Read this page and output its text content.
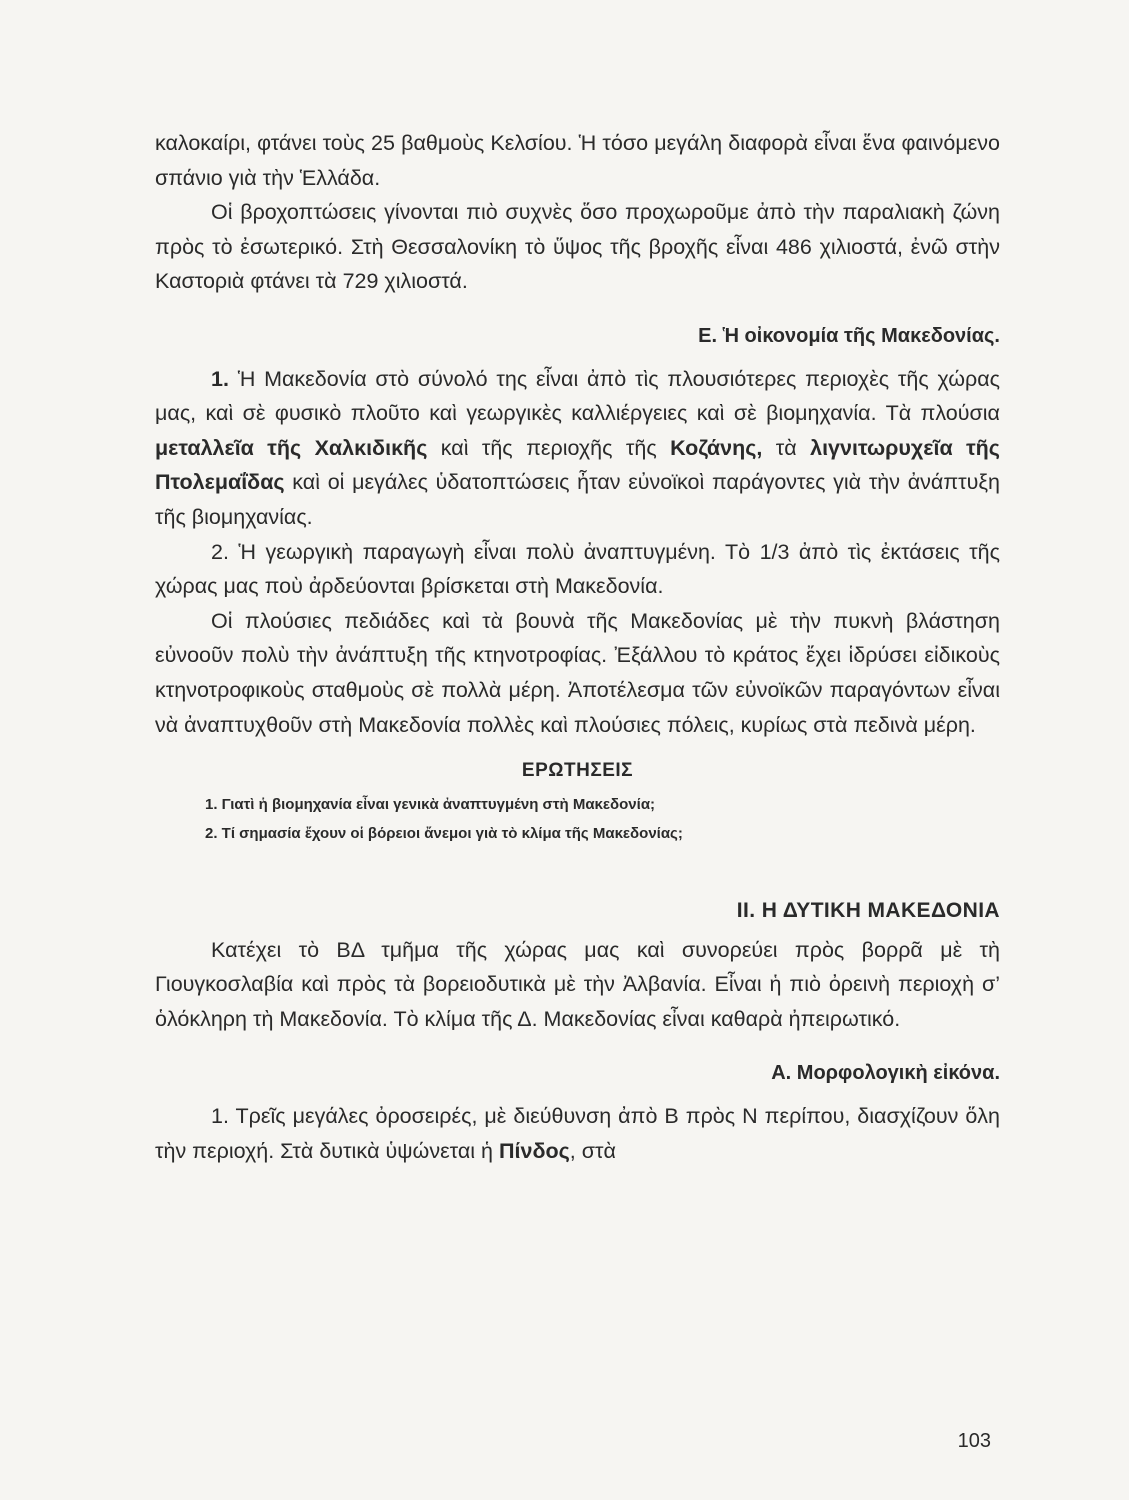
καλοκαίρι, φτάνει τοὺς 25 βαθμοὺς Κελσίου. Ἡ τόσο μεγάλη διαφορὰ εἶναι ἕνα φαινόμενο σπάνιο γιὰ τὴν Ἑλλάδα.

Οἱ βροχοπτώσεις γίνονται πιὸ συχνὲς ὅσο προχωροῦμε ἀπὸ τὴν παραλιακὴ ζώνη πρὸς τὸ ἐσωτερικό. Στὴ Θεσσαλονίκη τὸ ὕψος τῆς βροχῆς εἶναι 486 χιλιοστά, ἐνῶ στὴν Καστοριὰ φτάνει τὰ 729 χιλιοστά.

Ε. Ἡ οἰκονομία τῆς Μακεδονίας.

1. Ἡ Μακεδονία στὸ σύνολό της εἶναι ἀπὸ τὶς πλουσιότερες περιοχὲς τῆς χώρας μας, καὶ σὲ φυσικὸ πλοῦτο καὶ γεωργικὲς καλλιέργειες καὶ σὲ βιομηχανία. Τὰ πλούσια μεταλλεῖα τῆς Χαλκιδικῆς καὶ τῆς περιοχῆς τῆς Κοζάνης, τὰ λιγνιτωρυχεῖα τῆς Πτολεμαΐδας καὶ οἱ μεγάλες ὑδατοπτώσεις ἦταν εὐνοϊκοὶ παράγοντες γιὰ τὴν ἀνάπτυξη τῆς βιομηχανίας.

2. Ἡ γεωργικὴ παραγωγὴ εἶναι πολὺ ἀναπτυγμένη. Τὸ 1/3 ἀπὸ τὶς ἐκτάσεις τῆς χώρας μας ποὺ ἀρδεύονται βρίσκεται στὴ Μακεδονία.

Οἱ πλούσιες πεδιάδες καὶ τὰ βουνὰ τῆς Μακεδονίας μὲ τὴν πυκνὴ βλάστηση εὐνοοῦν πολὺ τὴν ἀνάπτυξη τῆς κτηνοτροφίας. Ἐξάλλου τὸ κράτος ἔχει ἱδρύσει εἰδικοὺς κτηνοτροφικοὺς σταθμοὺς σὲ πολλὰ μέρη. Ἀποτέλεσμα τῶν εὐνοϊκῶν παραγόντων εἶναι νὰ ἀναπτυχθοῦν στὴ Μακεδονία πολλὲς καὶ πλούσιες πόλεις, κυρίως στὰ πεδινὰ μέρη.

ΕΡΩΤΗΣΕΙΣ
1. Γιατὶ ἡ βιομηχανία εἶναι γενικὰ ἀναπτυγμένη στὴ Μακεδονία;
2. Τί σημασία ἔχουν οἱ βόρειοι ἄνεμοι γιὰ τὸ κλίμα τῆς Μακεδονίας;
ΙΙ. Η ΔΥΤΙΚΗ ΜΑΚΕΔΟΝΙΑ

Κατέχει τὸ ΒΔ τμῆμα τῆς χώρας μας καὶ συνορεύει πρὸς βορρᾶ μὲ τὴ Γιουγκοσλαβία καὶ πρὸς τὰ βορειοδυτικὰ μὲ τὴν Ἀλβανία. Εἶναι ἡ πιὸ ὀρεινὴ περιοχὴ σ’ ὁλόκληρη τὴ Μακεδονία. Τὸ κλίμα τῆς Δ. Μακεδονίας εἶναι καθαρὰ ἠπειρωτικό.

Α. Μορφολογικὴ εἰκόνα.

1. Τρεῖς μεγάλες ὀροσειρές, μὲ διεύθυνση ἀπὸ Β πρὸς Ν περίπου, διασχίζουν ὅλη τὴν περιοχή. Στὰ δυτικὰ ὑψώνεται ἡ Πίνδος, στὰ

103
